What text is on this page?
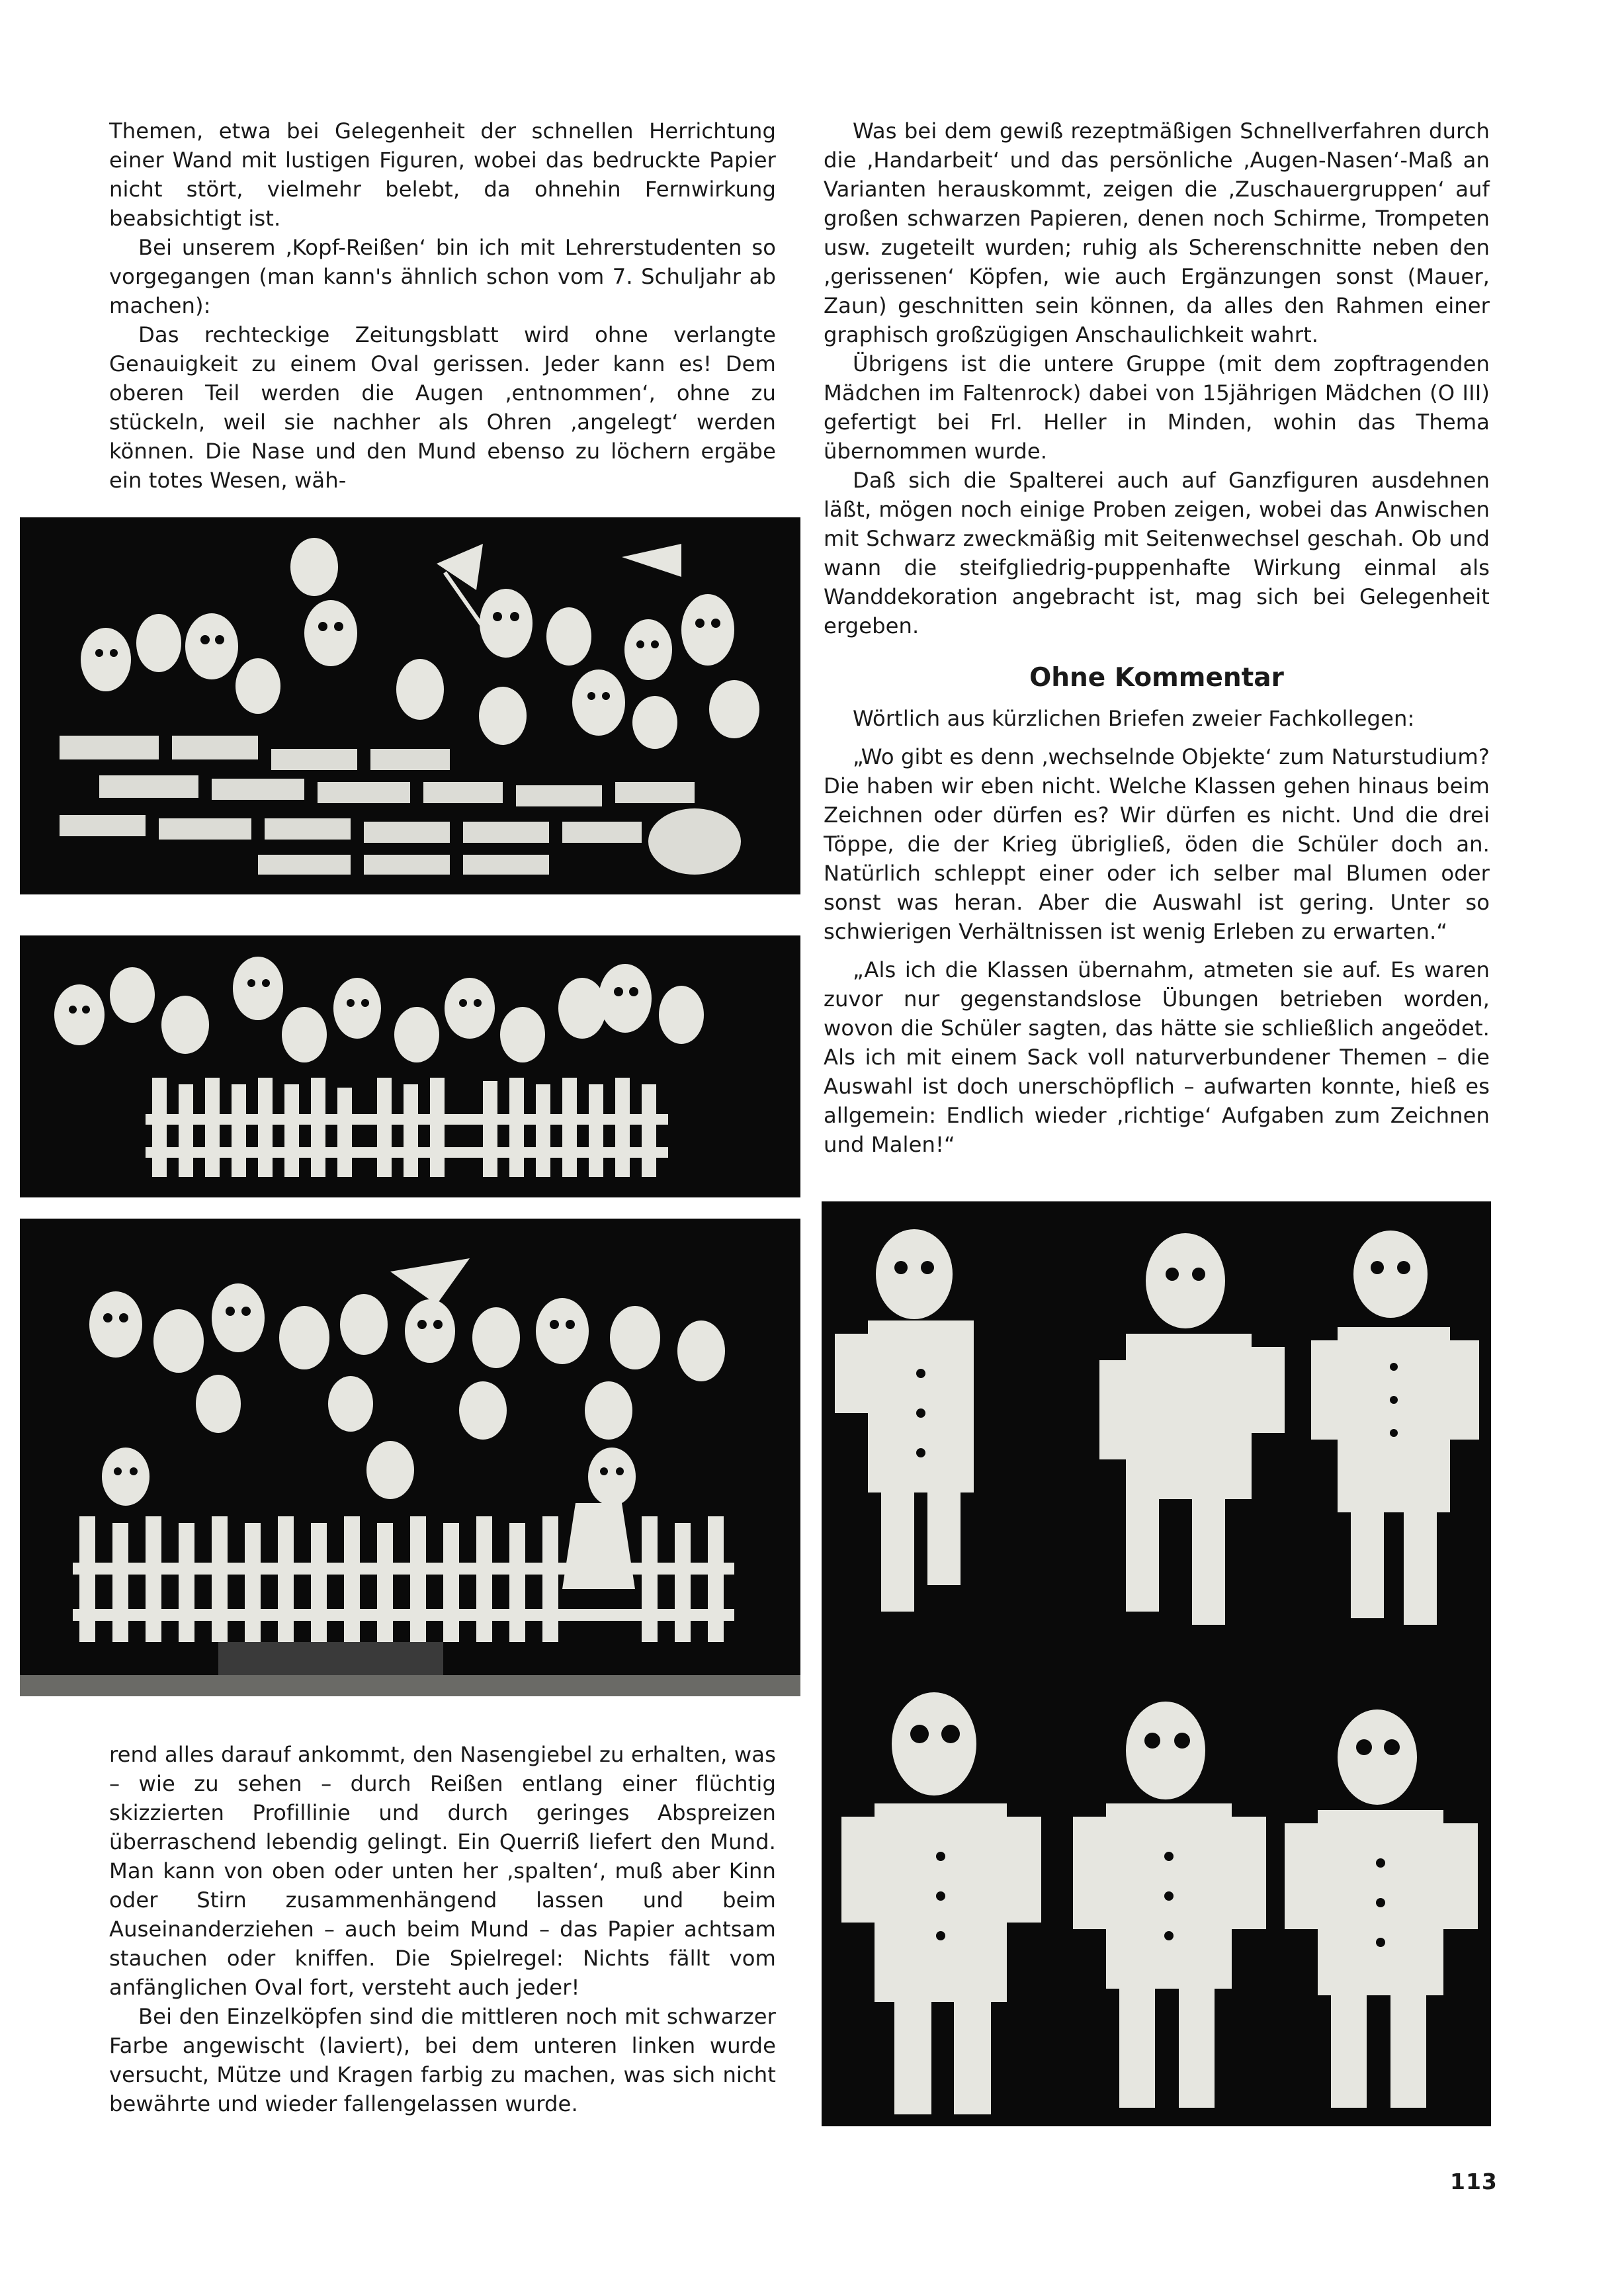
Themen, etwa bei Gelegenheit der schnellen Herrichtung einer Wand mit lustigen Figuren, wobei das bedruckte Papier nicht stört, vielmehr belebt, da ohnehin Fernwirkung beabsichtigt ist.

Bei unserem ‚Kopf-Reißen‘ bin ich mit Lehrerstudenten so vorgegangen (man kann's ähnlich schon vom 7. Schuljahr ab machen):

Das rechteckige Zeitungsblatt wird ohne verlangte Genauigkeit zu einem Oval gerissen. Jeder kann es! Dem oberen Teil werden die Augen ‚entnommen‘, ohne zu stückeln, weil sie nachher als Ohren ‚angelegt‘ werden können. Die Nase und den Mund ebenso zu löchern ergäbe ein totes Wesen, wäh-

rend alles darauf ankommt, den Nasengiebel zu erhalten, was – wie zu sehen – durch Reißen entlang einer flüchtig skizzierten Profillinie und durch geringes Abspreizen überraschend lebendig gelingt. Ein Querriß liefert den Mund. Man kann von oben oder unten her ‚spalten‘, muß aber Kinn oder Stirn zusammenhängend lassen und beim Auseinanderziehen – auch beim Mund – das Papier achtsam stauchen oder kniffen. Die Spielregel: Nichts fällt vom anfänglichen Oval fort, versteht auch jeder!

Bei den Einzelköpfen sind die mittleren noch mit schwarzer Farbe angewischt (laviert), bei dem unteren linken wurde versucht, Mütze und Kragen farbig zu machen, was sich nicht bewährte und wieder fallengelassen wurde.

Was bei dem gewiß rezeptmäßigen Schnellverfahren durch die ‚Handarbeit‘ und das persönliche ‚Augen-Nasen‘-Maß an Varianten herauskommt, zeigen die ‚Zuschauergruppen‘ auf großen schwarzen Papieren, denen noch Schirme, Trompeten usw. zugeteilt wurden; ruhig als Scherenschnitte neben den ‚gerissenen‘ Köpfen, wie auch Ergänzungen sonst (Mauer, Zaun) geschnitten sein können, da alles den Rahmen einer graphisch großzügigen Anschaulichkeit wahrt.

Übrigens ist die untere Gruppe (mit dem zopftragenden Mädchen im Faltenrock) dabei von 15jährigen Mädchen (O III) gefertigt bei Frl. Heller in Minden, wohin das Thema übernommen wurde.

Daß sich die Spalterei auch auf Ganzfiguren ausdehnen läßt, mögen noch einige Proben zeigen, wobei das Anwischen mit Schwarz zweckmäßig mit Seitenwechsel geschah. Ob und wann die steifgliedrig-puppenhafte Wirkung einmal als Wanddekoration angebracht ist, mag sich bei Gelegenheit ergeben.

Ohne Kommentar

Wörtlich aus kürzlichen Briefen zweier Fachkollegen:

„Wo gibt es denn ‚wechselnde Objekte‘ zum Naturstudium? Die haben wir eben nicht. Welche Klassen gehen hinaus beim Zeichnen oder dürfen es? Wir dürfen es nicht. Und die drei Töppe, die der Krieg übrigließ, öden die Schüler doch an. Natürlich schleppt einer oder ich selber mal Blumen oder sonst was heran. Aber die Auswahl ist gering. Unter so schwierigen Verhältnissen ist wenig Erleben zu erwarten.“

„Als ich die Klassen übernahm, atmeten sie auf. Es waren zuvor nur gegenstandslose Übungen betrieben worden, wovon die Schüler sagten, das hätte sie schließlich angeödet. Als ich mit einem Sack voll naturverbundener Themen – die Auswahl ist doch unerschöpflich – aufwarten konnte, hieß es allgemein: Endlich wieder ‚richtige‘ Aufgaben zum Zeichnen und Malen!“

113
